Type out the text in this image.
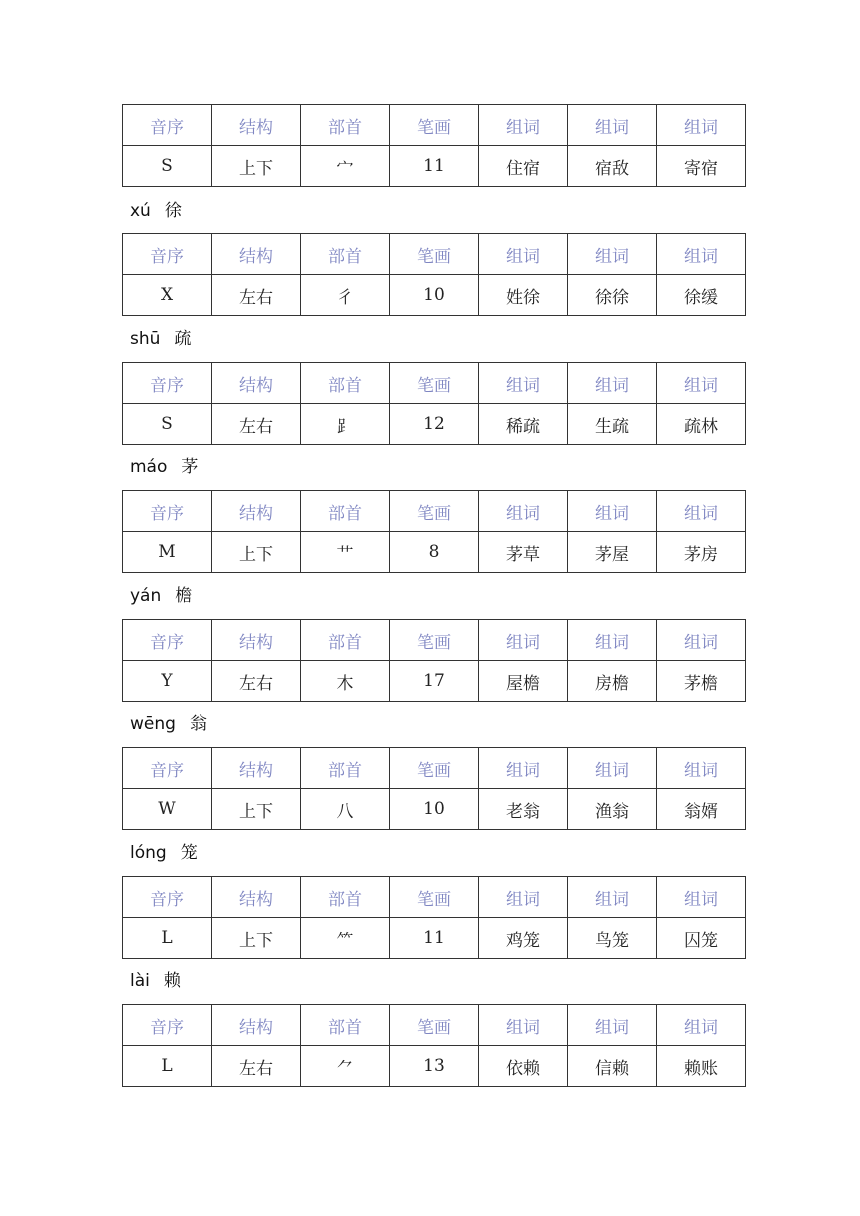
音序	结构	部首	笔画	组词	组词	组词
S	上下	宀	11	住宿	宿敌	寄宿
xú 徐
音序	结构	部首	笔画	组词	组词	组词
X	左右	彳	10	姓徐	徐徐	徐缓
shū 疏
音序	结构	部首	笔画	组词	组词	组词
S	左右	⻊	12	稀疏	生疏	疏林
máo 茅
音序	结构	部首	笔画	组词	组词	组词
M	上下	艹	8	茅草	茅屋	茅房
yán 檐
音序	结构	部首	笔画	组词	组词	组词
Y	左右	木	17	屋檐	房檐	茅檐
wēng 翁
音序	结构	部首	笔画	组词	组词	组词
W	上下	八	10	老翁	渔翁	翁婿
lóng 笼
音序	结构	部首	笔画	组词	组词	组词
L	上下	⺮	11	鸡笼	鸟笼	囚笼
lài 赖
音序	结构	部首	笔画	组词	组词	组词
L	左右	⺈	13	依赖	信赖	赖账
